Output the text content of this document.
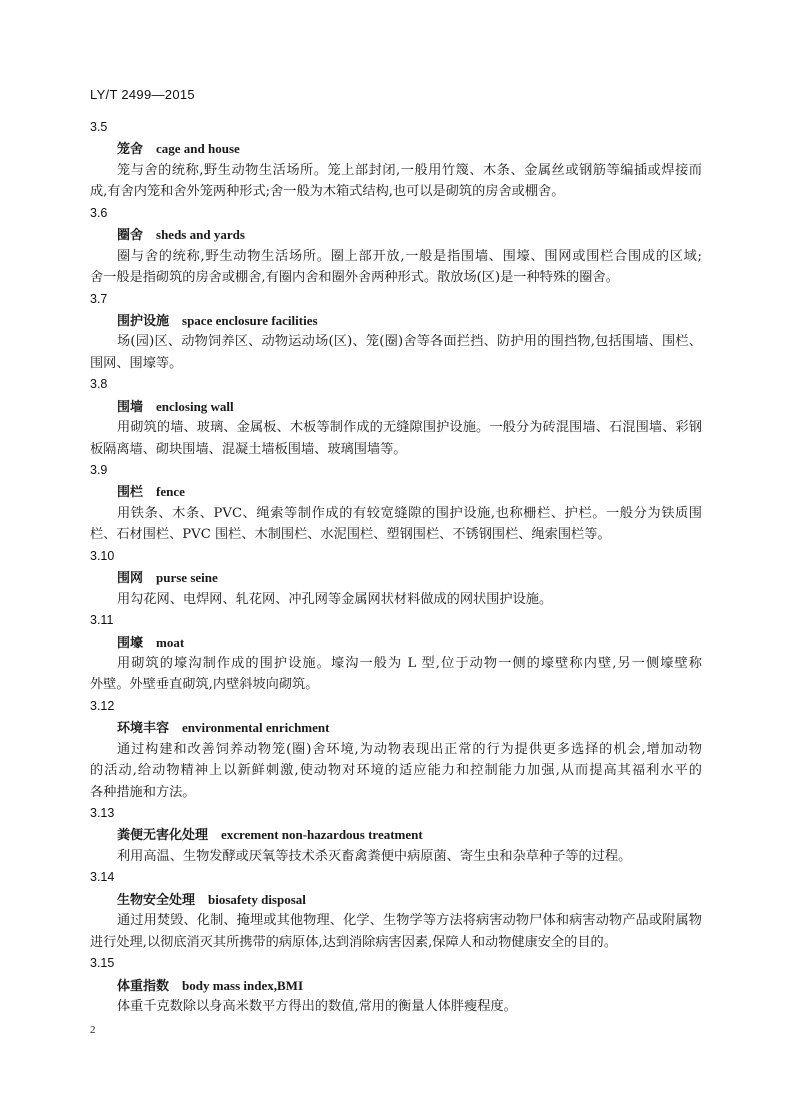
LY/T 2499—2015
3.5
笼舍 cage and house
笼与舍的统称,野生动物生活场所。笼上部封闭,一般用竹篾、木条、金属丝或钢筋等编插或焊接而
成,有舍内笼和舍外笼两种形式;舍一般为木箱式结构,也可以是砌筑的房舍或棚舍。
3.6
圈舍 sheds and yards
圈与舍的统称,野生动物生活场所。圈上部开放,一般是指围墙、围壕、围网或围栏合围成的区域;
舍一般是指砌筑的房舍或棚舍,有圈内舍和圈外舍两种形式。散放场(区)是一种特殊的圈舍。
3.7
围护设施 space enclosure facilities
场(园)区、动物饲养区、动物运动场(区)、笼(圈)舍等各面拦挡、防护用的围挡物,包括围墙、围栏、
围网、围壕等。
3.8
围墙 enclosing wall
用砌筑的墙、玻璃、金属板、木板等制作成的无缝隙围护设施。一般分为砖混围墙、石混围墙、彩钢
板隔离墙、砌块围墙、混凝土墙板围墙、玻璃围墙等。
3.9
围栏 fence
用铁条、木条、PVC、绳索等制作成的有较宽缝隙的围护设施,也称栅栏、护栏。一般分为铁质围
栏、石材围栏、PVC 围栏、木制围栏、水泥围栏、塑钢围栏、不锈钢围栏、绳索围栏等。
3.10
围网 purse seine
用勾花网、电焊网、轧花网、冲孔网等金属网状材料做成的网状围护设施。
3.11
围壕 moat
用砌筑的壕沟制作成的围护设施。壕沟一般为 L 型,位于动物一侧的壕壁称内壁,另一侧壕壁称
外壁。外壁垂直砌筑,内壁斜坡向砌筑。
3.12
环境丰容 environmental enrichment
通过构建和改善饲养动物笼(圈)舍环境,为动物表现出正常的行为提供更多选择的机会,增加动物
的活动,给动物精神上以新鲜刺激,使动物对环境的适应能力和控制能力加强,从而提高其福利水平的
各种措施和方法。
3.13
粪便无害化处理 excrement non-hazardous treatment
利用高温、生物发酵或厌氧等技术杀灭畜禽粪便中病原菌、寄生虫和杂草种子等的过程。
3.14
生物安全处理 biosafety disposal
通过用焚毁、化制、掩埋或其他物理、化学、生物学等方法将病害动物尸体和病害动物产品或附属物
进行处理,以彻底消灭其所携带的病原体,达到消除病害因素,保障人和动物健康安全的目的。
3.15
体重指数 body mass index,BMI
体重千克数除以身高米数平方得出的数值,常用的衡量人体胖瘦程度。
2
